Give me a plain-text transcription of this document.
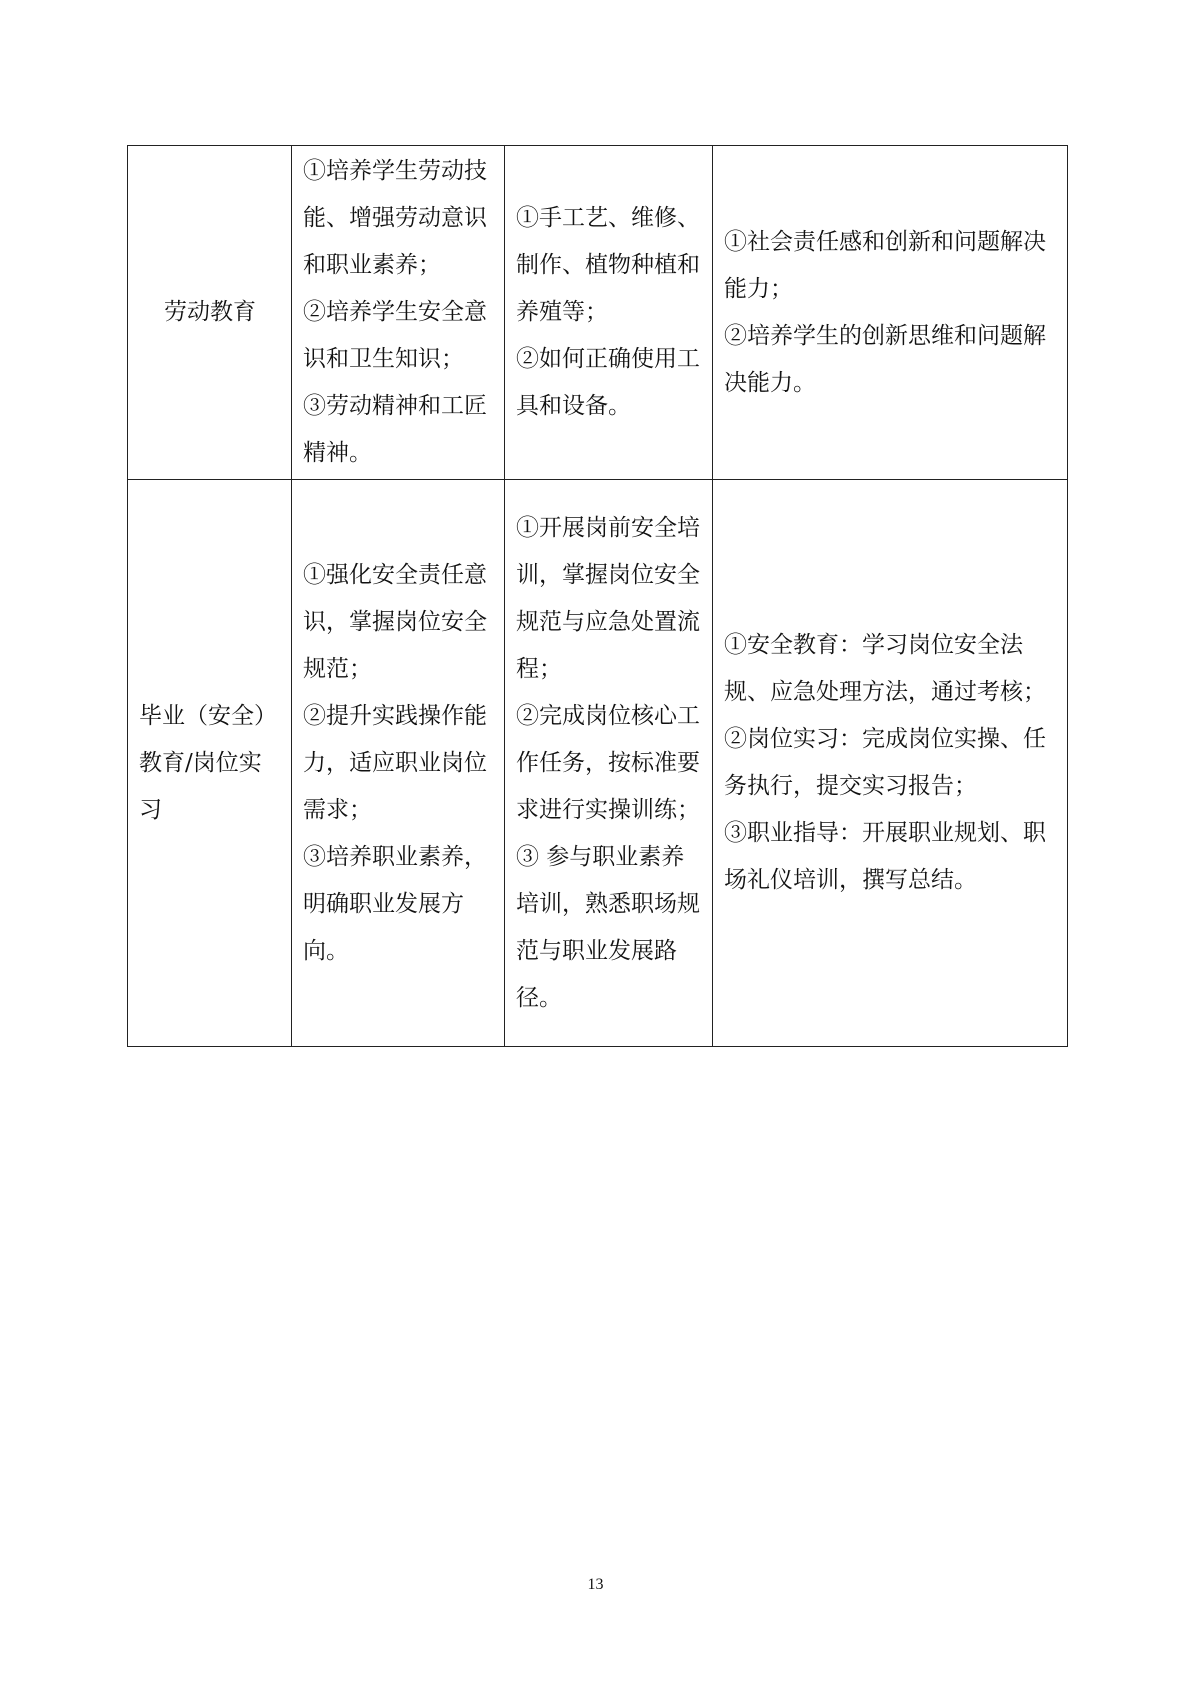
劳动教育	①培养学生劳动技能、增强劳动意识和职业素养；
②培养学生安全意识和卫生知识；
③劳动精神和工匠精神。	①手工艺、维修、制作、植物种植和养殖等；
②如何正确使用工具和设备。	①社会责任感和创新和问题解决能力；
②培养学生的创新思维和问题解决能力。

毕业（安全）教育/岗位实习	①强化安全责任意识，掌握岗位安全规范；
②提升实践操作能力，适应职业岗位需求；
③培养职业素养，明确职业发展方向。	①开展岗前安全培训，掌握岗位安全规范与应急处置流程；
②完成岗位核心工作任务，按标准要求进行实操训练；
③ 参与职业素养培训，熟悉职场规范与职业发展路径。	①安全教育：学习岗位安全法规、应急处理方法，通过考核；
②岗位实习：完成岗位实操、任务执行，提交实习报告；
③职业指导：开展职业规划、职场礼仪培训，撰写总结。
13
